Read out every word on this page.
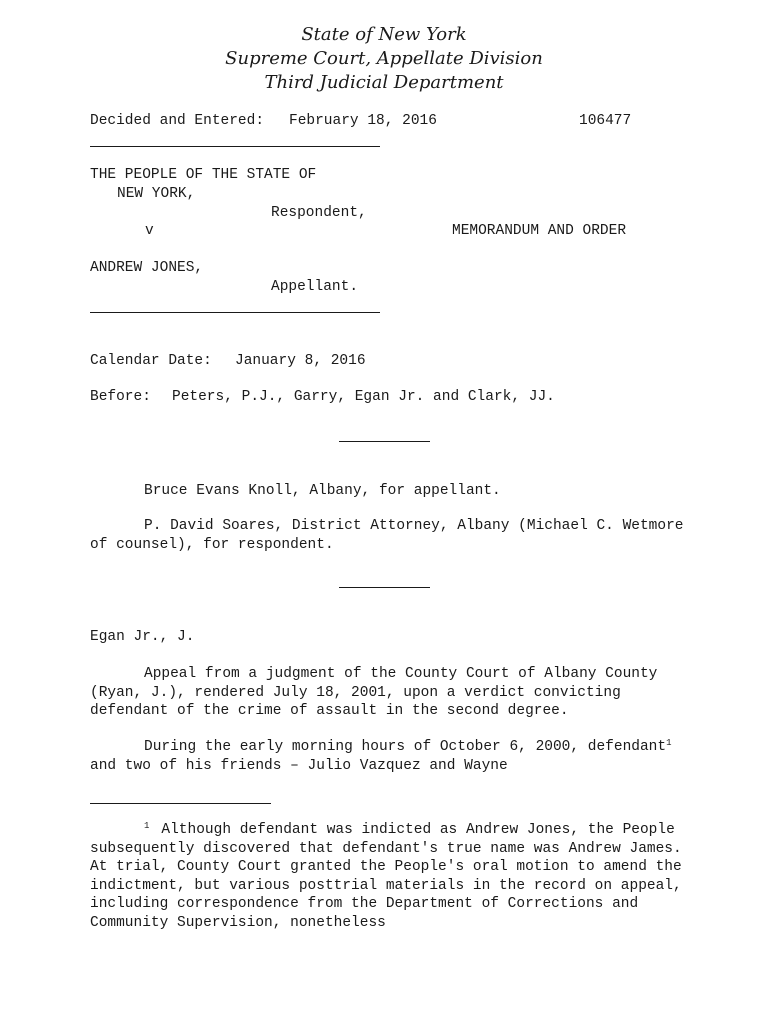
State of New York
Supreme Court, Appellate Division
Third Judicial Department
Decided and Entered: February 18, 2016	106477
THE PEOPLE OF THE STATE OF
NEW YORK,
Respondent,
v	MEMORANDUM AND ORDER
ANDREW JONES,
Appellant.
Calendar Date: January 8, 2016
Before: Peters, P.J., Garry, Egan Jr. and Clark, JJ.
Bruce Evans Knoll, Albany, for appellant.
P. David Soares, District Attorney, Albany (Michael C. Wetmore of counsel), for respondent.
Egan Jr., J.
Appeal from a judgment of the County Court of Albany County (Ryan, J.), rendered July 18, 2001, upon a verdict convicting defendant of the crime of assault in the second degree.
During the early morning hours of October 6, 2000, defendant$^1$ and two of his friends – Julio Vazquez and Wayne
$^1$ Although defendant was indicted as Andrew Jones, the People subsequently discovered that defendant's true name was Andrew James. At trial, County Court granted the People's oral motion to amend the indictment, but various posttrial materials in the record on appeal, including correspondence from the Department of Corrections and Community Supervision, nonetheless
